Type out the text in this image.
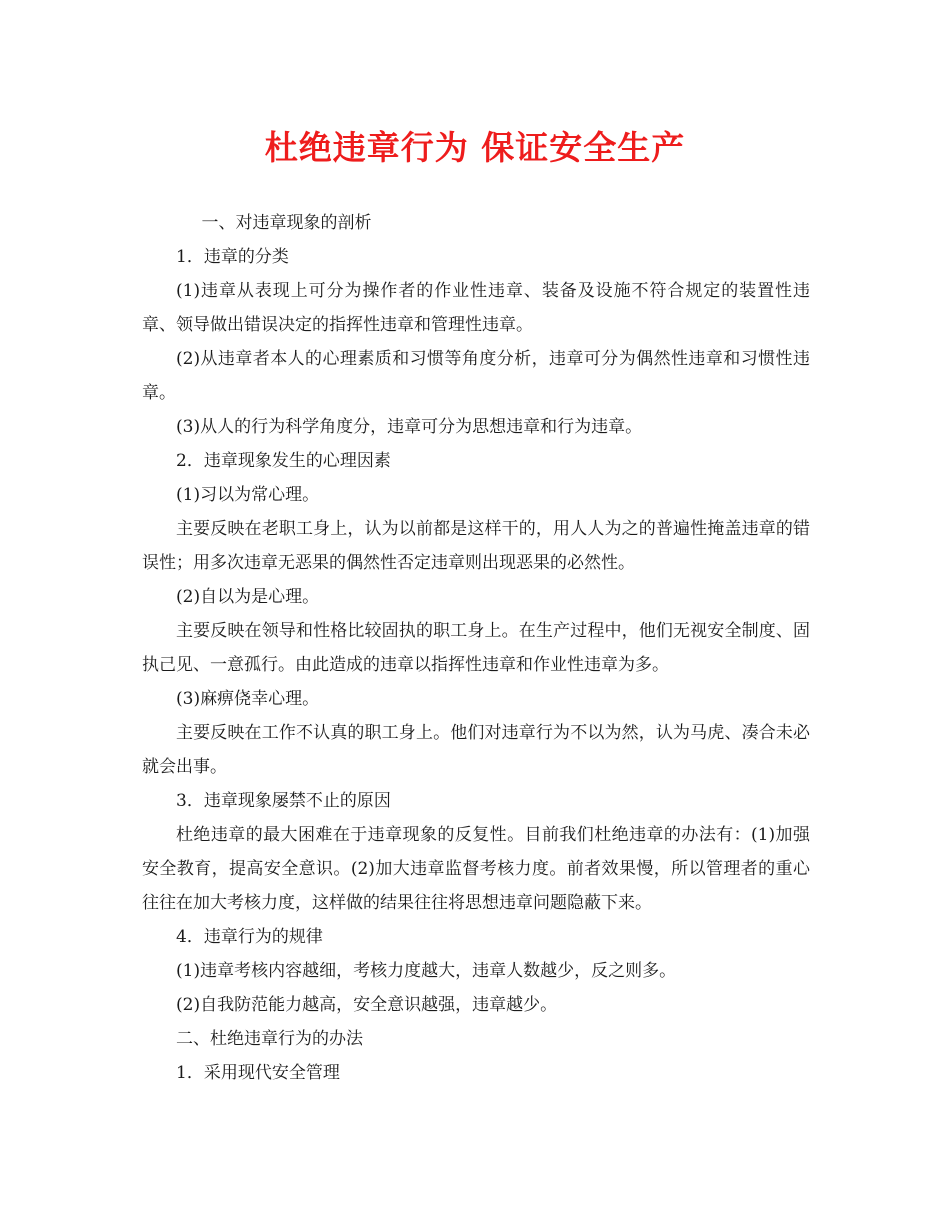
杜绝违章行为 保证安全生产

一、对违章现象的剖析

1．违章的分类

(1)违章从表现上可分为操作者的作业性违章、装备及设施不符合规定的装置性违章、领导做出错误决定的指挥性违章和管理性违章。

(2)从违章者本人的心理素质和习惯等角度分析，违章可分为偶然性违章和习惯性违章。

(3)从人的行为科学角度分，违章可分为思想违章和行为违章。

2．违章现象发生的心理因素

(1)习以为常心理。

主要反映在老职工身上，认为以前都是这样干的，用人人为之的普遍性掩盖违章的错误性；用多次违章无恶果的偶然性否定违章则出现恶果的必然性。

(2)自以为是心理。

主要反映在领导和性格比较固执的职工身上。在生产过程中，他们无视安全制度、固执己见、一意孤行。由此造成的违章以指挥性违章和作业性违章为多。

(3)麻痹侥幸心理。

主要反映在工作不认真的职工身上。他们对违章行为不以为然，认为马虎、凑合未必就会出事。

3．违章现象屡禁不止的原因

杜绝违章的最大困难在于违章现象的反复性。目前我们杜绝违章的办法有：(1)加强安全教育，提高安全意识。(2)加大违章监督考核力度。前者效果慢，所以管理者的重心往往在加大考核力度，这样做的结果往往将思想违章问题隐蔽下来。

4．违章行为的规律

(1)违章考核内容越细，考核力度越大，违章人数越少，反之则多。

(2)自我防范能力越高，安全意识越强，违章越少。

二、杜绝违章行为的办法

1．采用现代安全管理
